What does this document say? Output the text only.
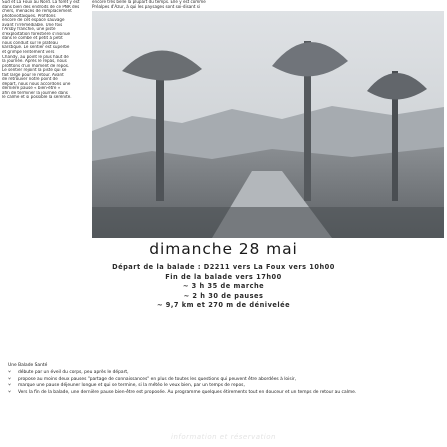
Sud et La Foux au Nord. La forêt y est
dans bien des endroits de ce PNR des
chers, menacés de remplacement
photovoltaïques. Profitons
encore de cet espace sauvage
avant l'irrémédiable. Une fois
l'Arsby franchie, une piste
d'exploitation forestière s'insinue
dans le combe et petit à petit
nous conduit sur le plateau
karstique. Le sentier est superbe
et grimpe lentement vers
Chandy, au point le plus haut de
la journée. Après le repas, nous
profitons d'un moment de repos.
Le sentier rejoint la piste qui se
fait large pour le retour. Avant
de retrouver notre point de
départ, nous nous accordons une
dernière pause « bien-être »
afin de terminer la journée dans
le calme et si possible la sérénité.
encore très belle la plupart du temps. Elle y est comme
Préalpes d'Azur, à qui les paysages sont soi-disant si
dimanche 28 mai
Départ de la balade : D2211 vers La Foux vers 10h00
Fin de la balade vers 17h00
~ 3 h 35 de marche
~ 2 h 30 de pauses
~ 9,7 km et 270 m de dénivelée
Une Balade Santé
⑂	débute par un éveil du corps, peu après le départ,
⑂	propose au moins deux pauses "partage de connaissances" en plus de toutes les questions qui peuvent être abordées à loisir,
⑂	marque une pause déjeuner longue et qui se termine, si la météo le veux bien, par un temps de repos,
⑂	Vers la fin de la balade, une dernière pause bien-être est proposée. Au programme quelques étirements tout en douceur et un temps de retour au calme.
information et réservation
